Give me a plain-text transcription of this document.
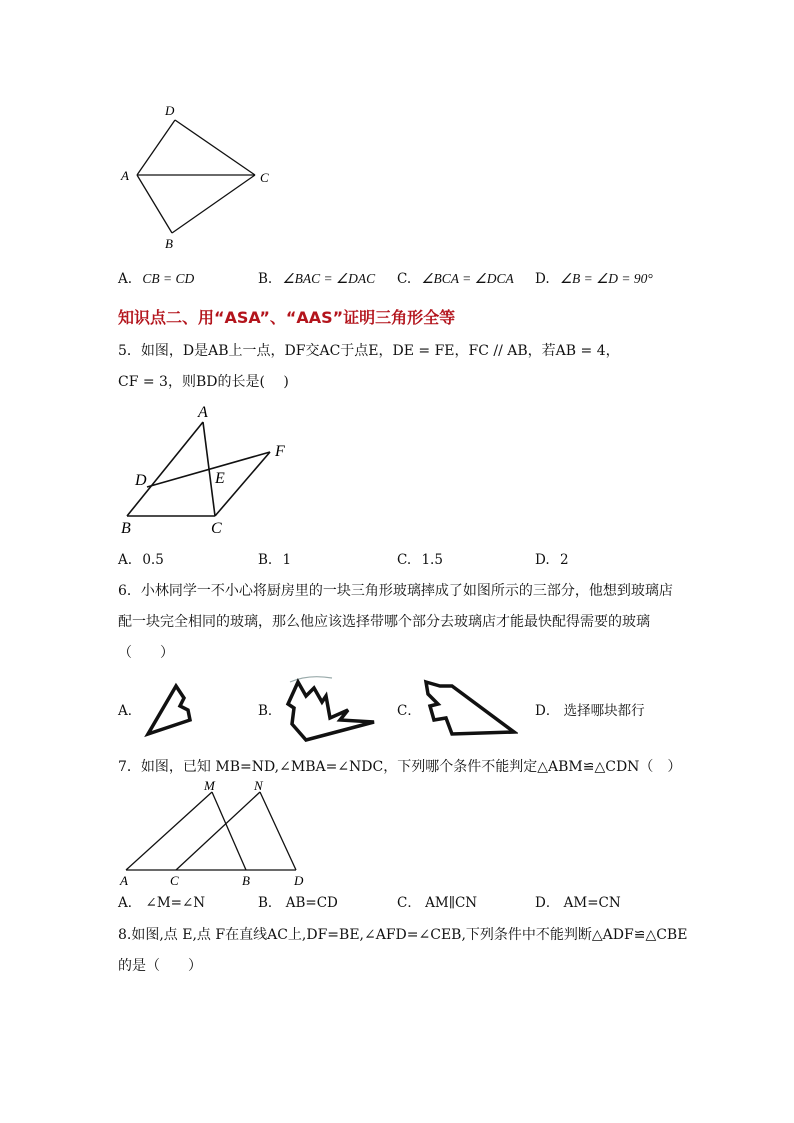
D
A	C
B
A. CB = CD	B. ∠BAC = ∠DAC C. ∠BCA = ∠DCA D. ∠B = ∠D = 90°
知识点二、用“ASA”、“AAS”证明三角形全等
5．如图，D是AB上一点，DF交AC于点E，DE = FE，FC // AB，若AB = 4，
CF = 3，则BD的长是(　 )
A
D	E
F
B	C
A. 0.5	B. 1	C. 1.5	D. 2
6．小林同学一不小心将厨房里的一块三角形玻璃摔成了如图所示的三部分，他想到玻璃店
配一块完全相同的玻璃，那么他应该选择带哪个部分去玻璃店才能最快配得需要的玻璃
（　　）
A．	B．	C．	D． 选择哪块都行
7．如图，已知 MB=ND,∠MBA=∠NDC，下列哪个条件不能判定△ABM≌△CDN（　）
M	N
A	C	B	D
A． ∠M=∠N	B． AB=CD	C． AM∥CN	D． AM=CN
8.如图,点 E,点 F在直线AC上,DF=BE,∠AFD=∠CEB,下列条件中不能判断△ADF≌△CBE
的是（　　）
